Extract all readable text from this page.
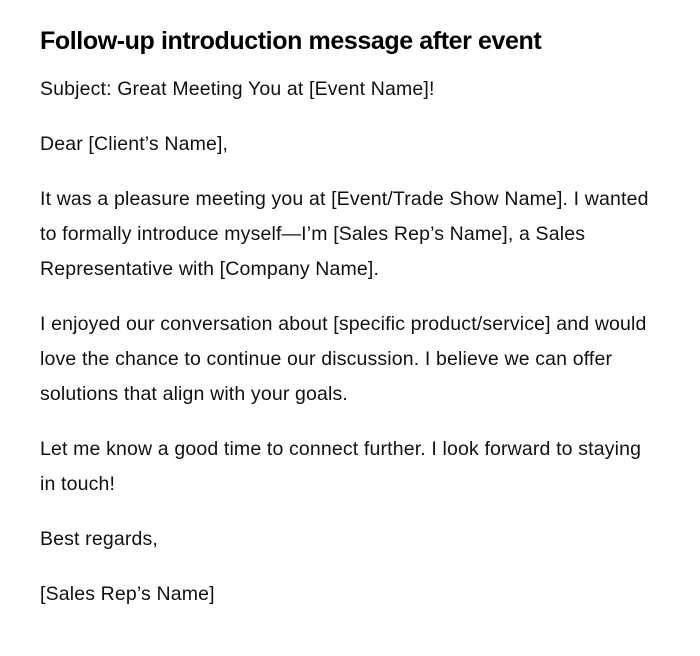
Follow-up introduction message after event

Subject: Great Meeting You at [Event Name]!

Dear [Client’s Name],

It was a pleasure meeting you at [Event/Trade Show Name]. I wanted to formally introduce myself—I’m [Sales Rep’s Name], a Sales Representative with [Company Name].

I enjoyed our conversation about [specific product/service] and would love the chance to continue our discussion. I believe we can offer solutions that align with your goals.

Let me know a good time to connect further. I look forward to staying in touch!

Best regards,

[Sales Rep’s Name]
